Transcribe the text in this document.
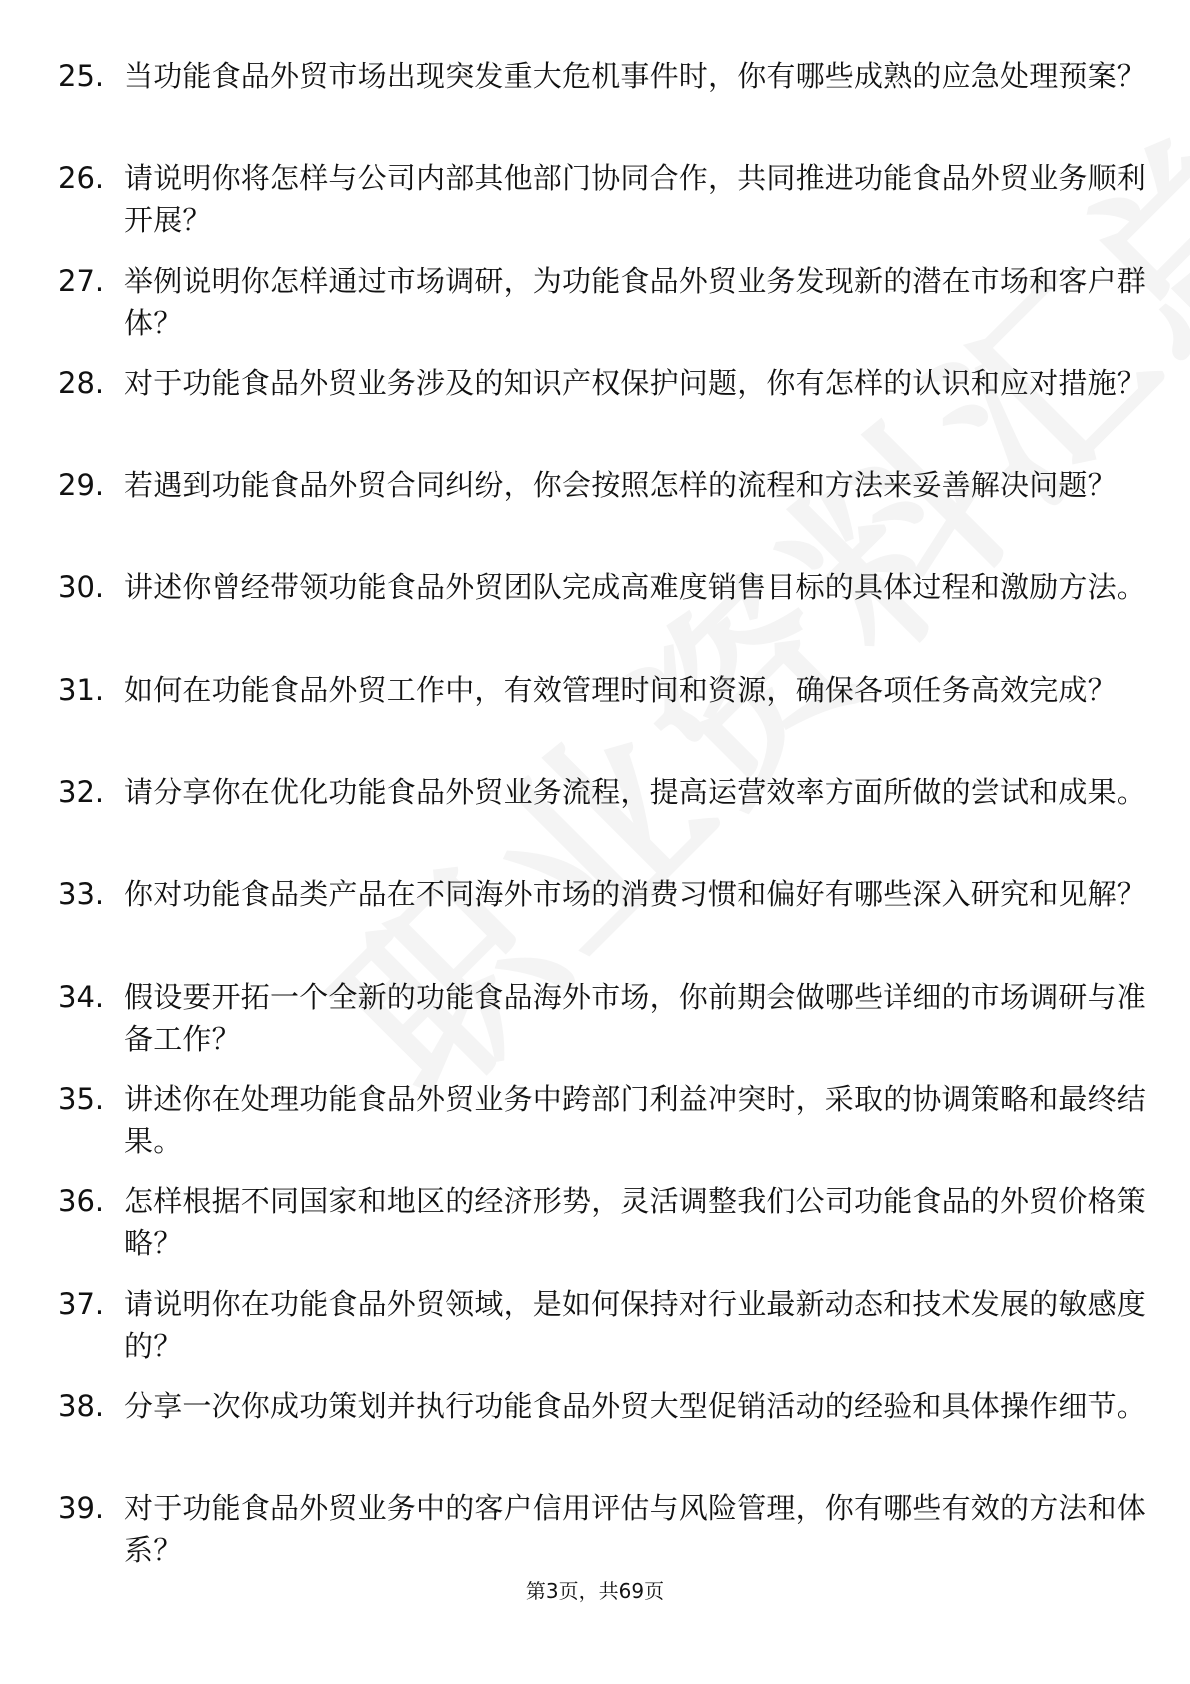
25. 当功能食品外贸市场出现突发重大危机事件时，你有哪些成熟的应急处理预案？
26. 请说明你将怎样与公司内部其他部门协同合作，共同推进功能食品外贸业务顺利开展？
27. 举例说明你怎样通过市场调研，为功能食品外贸业务发现新的潜在市场和客户群体？
28. 对于功能食品外贸业务涉及的知识产权保护问题，你有怎样的认识和应对措施？
29. 若遇到功能食品外贸合同纠纷，你会按照怎样的流程和方法来妥善解决问题？
30. 讲述你曾经带领功能食品外贸团队完成高难度销售目标的具体过程和激励方法。
31. 如何在功能食品外贸工作中，有效管理时间和资源，确保各项任务高效完成？
32. 请分享你在优化功能食品外贸业务流程，提高运营效率方面所做的尝试和成果。
33. 你对功能食品类产品在不同海外市场的消费习惯和偏好有哪些深入研究和见解？
34. 假设要开拓一个全新的功能食品海外市场，你前期会做哪些详细的市场调研与准备工作？
35. 讲述你在处理功能食品外贸业务中跨部门利益冲突时，采取的协调策略和最终结果。
36. 怎样根据不同国家和地区的经济形势，灵活调整我们公司功能食品的外贸价格策略？
37. 请说明你在功能食品外贸领域，是如何保持对行业最新动态和技术发展的敏感度的？
38. 分享一次你成功策划并执行功能食品外贸大型促销活动的经验和具体操作细节。
39. 对于功能食品外贸业务中的客户信用评估与风险管理，你有哪些有效的方法和体系？
第3页，共69页
